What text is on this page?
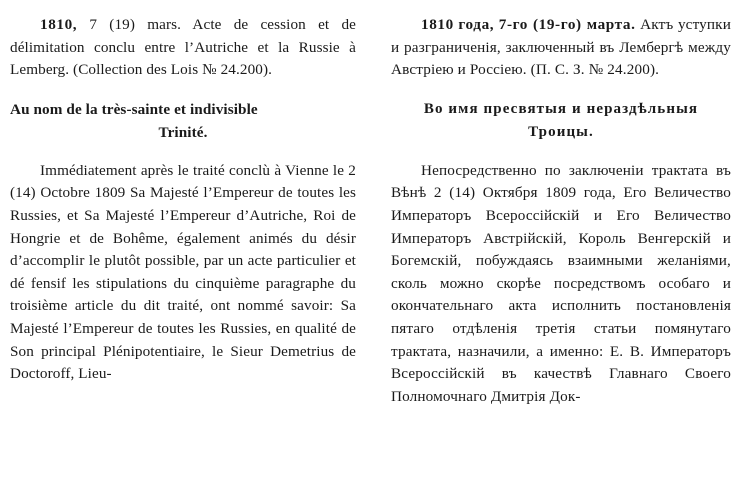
1810, 7 (19) mars. Acte de cession et de délimitation conclu entre l’Autriche et la Russie à Lemberg. (Collection des Lois № 24.200).

Au nom de la très-sainte et indivisible
Trinité.

Immédiatement après le traité conclù à Vienne le 2 (14) Octobre 1809 Sa Majesté l’Empereur de toutes les Russies, et Sa Majesté l’Empereur d’Autriche, Roi de Hongrie et de Bohême, également animés du désir d’accomplir le plutôt possible, par un acte particulier et dé fensif les stipulations du cinquième paragraphe du troisième article du dit traité, ont nommé savoir: Sa Majesté l’Empereur de toutes les Russies, en qualité de Son principal Plénipotentiaire, le Sieur Demetrius de Doctoroff, Lieu-

1810 года, 7-го (19-го) марта. Актъ уступки и разграниченія, заключенный въ Лембергѣ между Австріею и Россіею. (П. С. З. № 24.200).

Во имя пресвятыя и нераздѣльныя Троицы.

Непосредственно по заключеніи трактата въ Вѣнѣ 2 (14) Октября 1809 года, Его Величество Императоръ Всероссійскій и Его Величество Императоръ Австрійскій, Король Венгерскій и Богемскій, побуждаясь взаимными желаніями, сколь можно скорѣе посредствомъ особаго и окончательнаго акта исполнить постановленія пятаго отдѣленія третія статьи помянутаго трактата, назначили, а именно: Е. В. Императоръ Всероссійскій въ качествѣ Главнаго Своего Полномочнаго Дмитрія Док-
